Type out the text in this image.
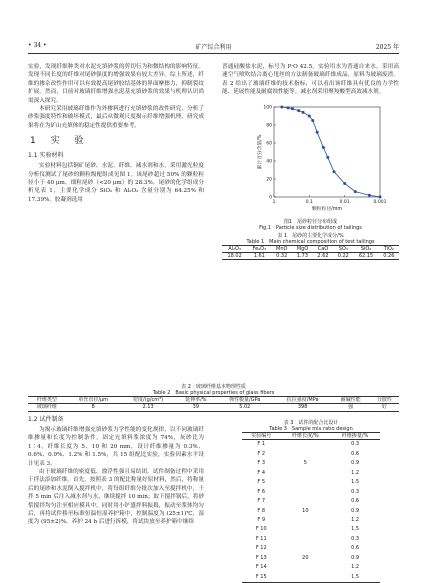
• 34 •	矿产综合利用	2025 年

实验，发现纤维种类对水泥充填砂浆的剪切行为和微结构的影响特征。发现不同长度的纤维对尾砂强度的增强效果有较大差异。综上所述，纤维的掺杂改性作用可以有效提高尾砂胶结基体的界面摩擦力，抑制裂纹扩展。然而，目前对玻璃纤维增强水泥基充填砂浆的效果与机理认识尚需深入探究。

本研究采用玻璃纤维作为外掺料进行充填砂浆的改性研究，分析了砂浆强度特性和破坏模式，最后从微观尺度揭示纤维增强机理，研究成果将在为矿山充填体的稳定性提供重要参考。

1 实 验
1.1 实验材料

实验材料包括铜矿尾砂、水泥、纤维、减水剂和水。采用激光粒度分析仪测试了尾砂的颗粒级配组成见图 1。该尾砂超过 50% 的颗粒粒径小于 40 μm，细粒尾砂（<20 μm）的 28.3%。尾砂的化学组成分析见表 1，主要化学成分 SiO₂ 和 Al₂O₃ 含量分别为 64.25% 和 17.39%。胶凝剂选用

普通硅酸盐水泥，标号为 P·O 42.5。实验用水为普通自来水。采用高速空气喷吹结合离心甩丝的方法制备玻璃纤维成品，原料为玻璃废渣。表 2 给出了玻璃纤维的技术指标，可以看出该纤维具有优良的力学性能、延展性能及耐腐蚀性能等。减水剂采用聚羧酸型高效减水剂。

0
20
40
60
80
100
1	0.1	0.01	0.001
颗粒粒径/mm
累计百分含量/%
图1　尾砂粒径分布组成
Fig.1　Particle size distribution of tailings
表 1　尾砂的主要化学成分/%
Table 1　Main chemical composition of test tailings
Al₂O₃	Fe₂O₃	MnO	MgO	CaO	SO₃	SiO₂	TiO₂
18.02	1.61	0.32	1.73	2.62	0.22	62.15	0.26
表 2　玻璃纤维基本物理性质
Table 2　Basic physical properties of glass fibers
纤维类型	单丝直径/μm	密度/(g/cm³)	延伸率/%	弹性模量/GPa	抗拉强度/MPa	耐碱性能	分散性
玻璃纤维	8	2.13	39	5.02	398	强	好
1.2 试件制备

为揭示玻璃纤维增强充填砂浆力学性能的变化规律，以不同玻璃纤维掺量和长度为控制条件，固定充填料浆浓度为 74%，灰砂比为 1∶4，纤维长度为 5、10 和 20 mm，设计纤维掺量为 0.3%、0.6%、0.9%、1.2% 和 1.5%，共 15 组配比实验，实验因素水平设计见表 3。

由于玻璃纤维的密度低、漂浮性强且易结团，试件制备过程中采用干拌法添加纤维。首先，按照表 3 的配比称量好原材料，然后，将称量后的尾砂和水泥倒入搅拌机中，将每组纤维分批次加入至搅拌机中，干拌 5 min 后注入减水剂与水，继续搅拌 10 min；取下搅拌锅后，将砂浆搅拌均匀注至相应模具中，同时用小铲盛拌料振捣，振动至浆体均匀后，再将试件移至标准恒温恒湿养护箱中，控制温度为 (25±1)℃，湿度为 (95±2)%，养护 24 h 后进行拆模，将试块放至养护箱中继续

表 3　试件的配合比设计
Table 3　Sample mix ratio design
实验编号	纤维长度/%	纤维掺量/%
F 1		0.3
F 2		0.6
F 3	5	0.9
F 4		1.2
F 5		1.5
F 6		0.3
F 7		0.6
F 8	10	0.9
F 9		1.2
F 10		1.5
F 11		0.3
F 12		0.6
F 13	20	0.9
F 14		1.2
F 15		1.5
